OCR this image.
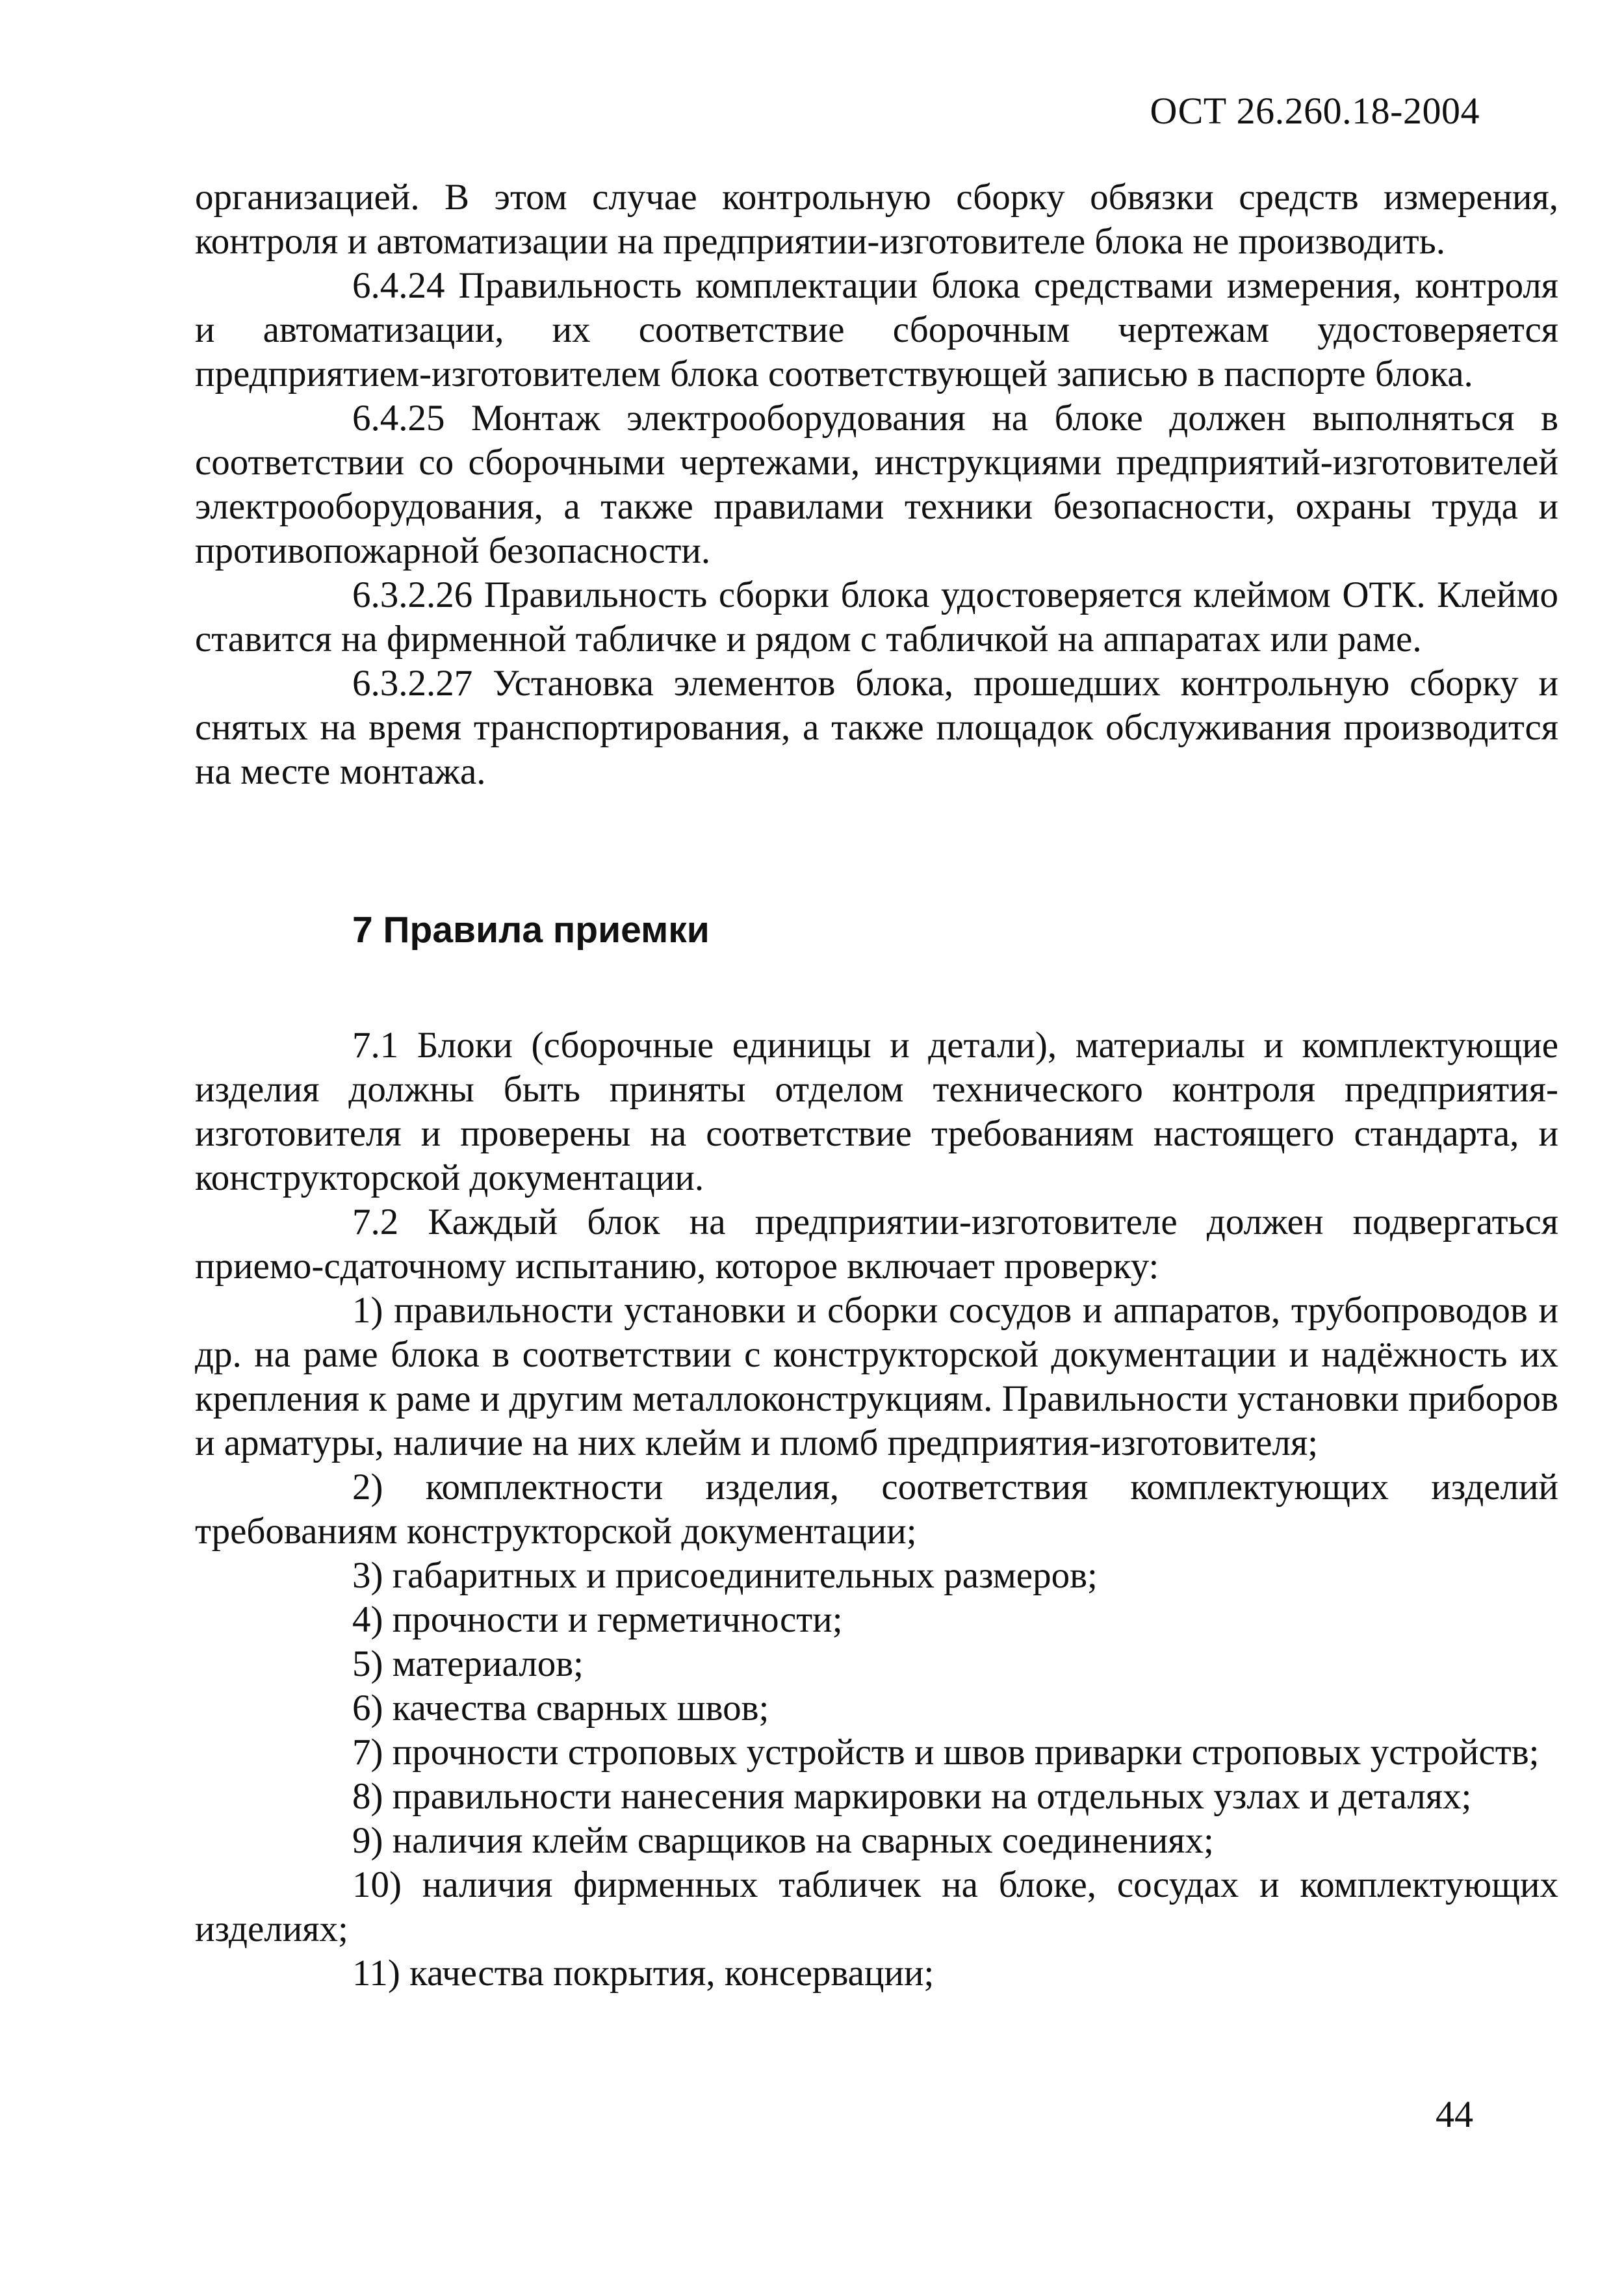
ОСТ 26.260.18-2004

организацией. В этом случае контрольную сборку обвязки средств измерения, контроля и автоматизации на предприятии-изготовителе блока не производить.

6.4.24 Правильность комплектации блока средствами измерения, контроля и автоматизации, их соответствие сборочным чертежам удостоверяется предприятием-изготовителем блока соответствующей записью в паспорте блока.

6.4.25 Монтаж электрооборудования на блоке должен выполняться в соответствии со сборочными чертежами, инструкциями предприятий-изготовителей электрооборудования, а также правилами техники безопасности, охраны труда и противопожарной безопасности.

6.3.2.26 Правильность сборки блока удостоверяется клеймом ОТК. Клеймо ставится на фирменной табличке и рядом с табличкой на аппаратах или раме.

6.3.2.27 Установка элементов блока, прошедших контрольную сборку и снятых на время транспортирования, а также площадок обслуживания производится на месте монтажа.

7 Правила приемки

7.1 Блоки (сборочные единицы и детали), материалы и комплектующие изделия должны быть приняты отделом технического контроля предприятия-изготовителя и проверены на соответствие требованиям настоящего стандарта, и конструкторской документации.

7.2 Каждый блок на предприятии-изготовителе должен подвергаться приемо-сдаточному испытанию, которое включает проверку:

1) правильности установки и сборки сосудов и аппаратов, трубопроводов и др. на раме блока в соответствии с конструкторской документации и надёжность их крепления к раме и другим металлоконструкциям. Правильности установки приборов и арматуры, наличие на них клейм и пломб предприятия-изготовителя;

2) комплектности изделия, соответствия комплектующих изделий требованиям конструкторской документации;

3) габаритных и присоединительных размеров;

4) прочности и герметичности;

5) материалов;

6) качества сварных швов;

7) прочности строповых устройств и швов приварки строповых устройств;

8) правильности нанесения маркировки на отдельных узлах и деталях;

9) наличия клейм сварщиков на сварных соединениях;

10) наличия фирменных табличек на блоке, сосудах и комплектующих изделиях;

11) качества покрытия, консервации;

44
